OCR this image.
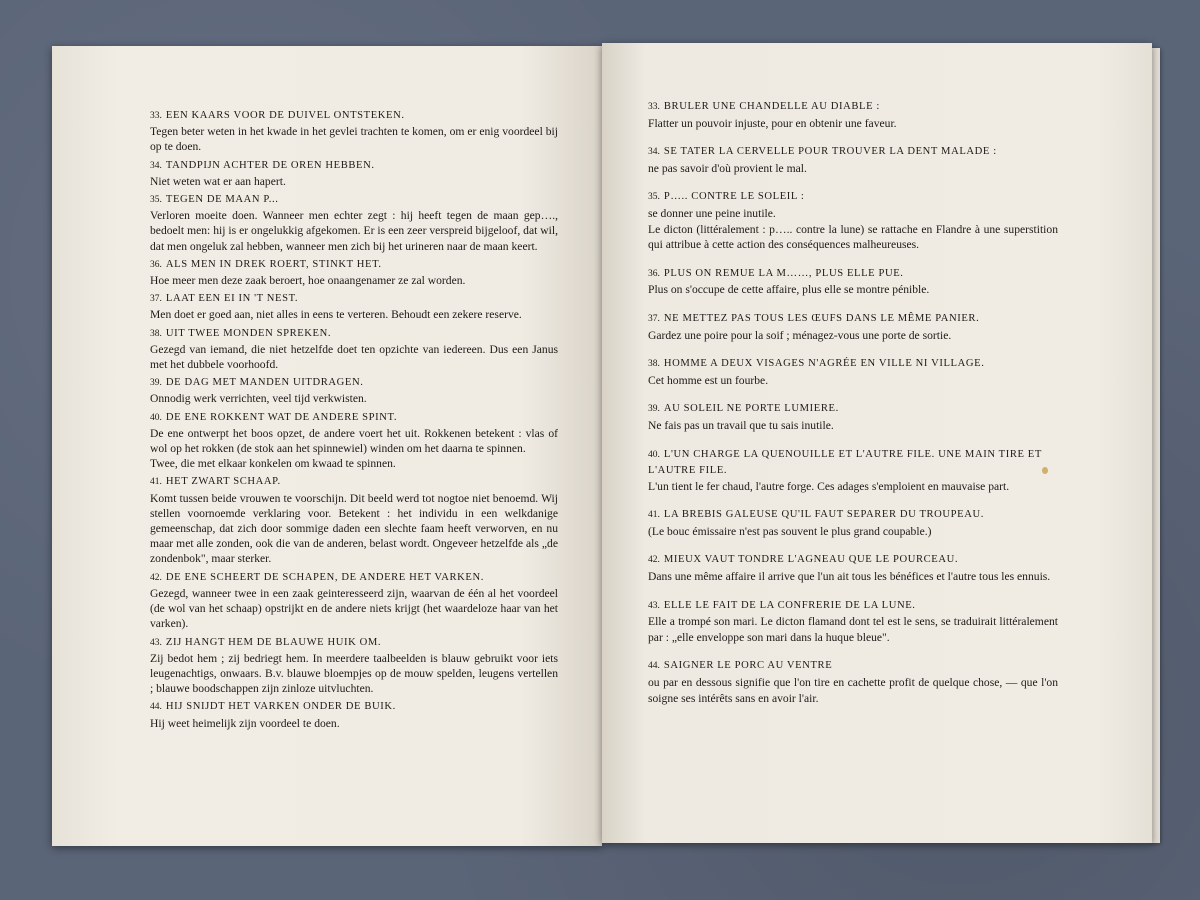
33. EEN KAARS VOOR DE DUIVEL ONTSTEKEN.
Tegen beter weten in het kwade in het gevlei trachten te komen, om er enig voordeel bij op te doen.
34. TANDPIJN ACHTER DE OREN HEBBEN.
Niet weten wat er aan hapert.
35. TEGEN DE MAAN P...
Verloren moeite doen. Wanneer men echter zegt : hij heeft tegen de maan gep…., bedoelt men: hij is er ongelukkig afgekomen. Er is een zeer verspreid bijgeloof, dat wil, dat men ongeluk zal hebben, wanneer men zich bij het urineren naar de maan keert.
36. ALS MEN IN DREK ROERT, STINKT HET.
Hoe meer men deze zaak beroert, hoe onaangenamer ze zal worden.
37. LAAT EEN EI IN 'T NEST.
Men doet er goed aan, niet alles in eens te verteren. Behoudt een zekere reserve.
38. UIT TWEE MONDEN SPREKEN.
Gezegd van iemand, die niet hetzelfde doet ten opzichte van iedereen. Dus een Janus met het dubbele voorhoofd.
39. DE DAG MET MANDEN UITDRAGEN.
Onnodig werk verrichten, veel tijd verkwisten.
40. DE ENE ROKKENT WAT DE ANDERE SPINT.
De ene ontwerpt het boos opzet, de andere voert het uit. Rokkenen betekent : vlas of wol op het rokken (de stok aan het spinnewiel) winden om het daarna te spinnen.
Twee, die met elkaar konkelen om kwaad te spinnen.
41. HET ZWART SCHAAP.
Komt tussen beide vrouwen te voorschijn. Dit beeld werd tot nogtoe niet benoemd. Wij stellen voornoemde verklaring voor. Betekent : het individu in een welkdanige gemeenschap, dat zich door sommige daden een slechte faam heeft verworven, en nu maar met alle zonden, ook die van de anderen, belast wordt. Ongeveer hetzelfde als „de zondenbok", maar sterker.
42. DE ENE SCHEERT DE SCHAPEN, DE ANDERE HET VARKEN.
Gezegd, wanneer twee in een zaak geinteresseerd zijn, waarvan de één al het voordeel (de wol van het schaap) opstrijkt en de andere niets krijgt (het waardeloze haar van het varken).
43. ZIJ HANGT HEM DE BLAUWE HUIK OM.
Zij bedot hem ; zij bedriegt hem. In meerdere taalbeelden is blauw gebruikt voor iets leugenachtigs, onwaars. B.v. blauwe bloempjes op de mouw spelden, leugens vertellen ; blauwe boodschappen zijn zinloze uitvluchten.
44. HIJ SNIJDT HET VARKEN ONDER DE BUIK.
Hij weet heimelijk zijn voordeel te doen.
33. BRULER UNE CHANDELLE AU DIABLE :
Flatter un pouvoir injuste, pour en obtenir une faveur.
34. SE TATER LA CERVELLE POUR TROUVER LA DENT MALADE :
ne pas savoir d'où provient le mal.
35. P….. CONTRE LE SOLEIL :
se donner une peine inutile.
Le dicton (littéralement : p….. contre la lune) se rattache en Flandre à une superstition qui attribue à cette action des conséquences malheureuses.
36. PLUS ON REMUE LA M……, PLUS ELLE PUE.
Plus on s'occupe de cette affaire, plus elle se montre pénible.
37. NE METTEZ PAS TOUS LES ŒUFS DANS LE MÊME PANIER.
Gardez une poire pour la soif ; ménagez-vous une porte de sortie.
38. HOMME A DEUX VISAGES N'AGRÉE EN VILLE NI VILLAGE.
Cet homme est un fourbe.
39. AU SOLEIL NE PORTE LUMIERE.
Ne fais pas un travail que tu sais inutile.
40. L'UN CHARGE LA QUENOUILLE ET L'AUTRE FILE. UNE MAIN TIRE ET L'AUTRE FILE.
L'un tient le fer chaud, l'autre forge. Ces adages s'emploient en mauvaise part.
41. LA BREBIS GALEUSE QU'IL FAUT SEPARER DU TROUPEAU.
(Le bouc émissaire n'est pas souvent le plus grand coupable.)
42. MIEUX VAUT TONDRE L'AGNEAU QUE LE POURCEAU.
Dans une même affaire il arrive que l'un ait tous les bénéfices et l'autre tous les ennuis.
43. ELLE LE FAIT DE LA CONFRERIE DE LA LUNE.
Elle a trompé son mari. Le dicton flamand dont tel est le sens, se traduirait littéralement par : „elle enveloppe son mari dans la huque bleue".
44. SAIGNER LE PORC AU VENTRE
ou par en dessous signifie que l'on tire en cachette profit de quelque chose, — que l'on soigne ses intérêts sans en avoir l'air.
